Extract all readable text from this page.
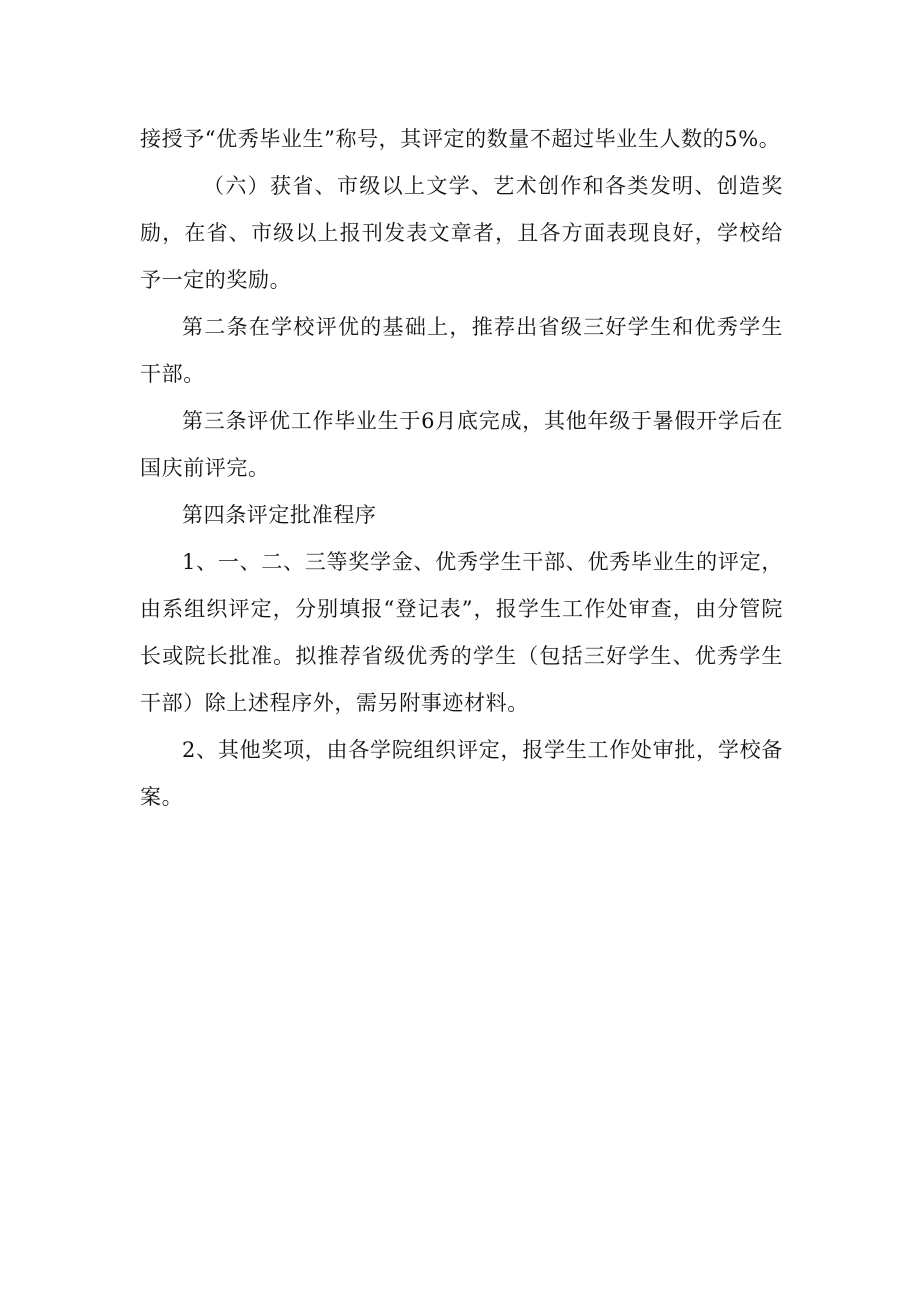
接授予“优秀毕业生”称号，其评定的数量不超过毕业生人数的5%。

（六）获省、市级以上文学、艺术创作和各类发明、创造奖励，在省、市级以上报刊发表文章者，且各方面表现良好，学校给予一定的奖励。

第二条在学校评优的基础上，推荐出省级三好学生和优秀学生干部。

第三条评优工作毕业生于6月底完成，其他年级于暑假开学后在国庆前评完。

第四条评定批准程序

1、一、二、三等奖学金、优秀学生干部、优秀毕业生的评定，由系组织评定，分别填报“登记表”，报学生工作处审查，由分管院长或院长批准。拟推荐省级优秀的学生（包括三好学生、优秀学生干部）除上述程序外，需另附事迹材料。

2、其他奖项，由各学院组织评定，报学生工作处审批，学校备案。
